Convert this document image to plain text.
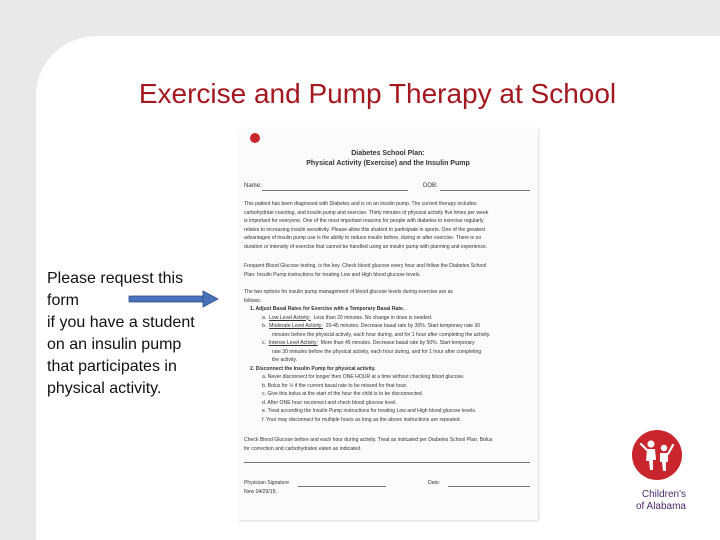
Exercise and Pump Therapy at School
Please request this
form
if you have a student
on an insulin pump
that participates in
physical activity.
Diabetes School Plan:
Physical Activity (Exercise) and the Insulin Pump
Name:	DOB:
This patient has been diagnosed with Diabetes and is on an insulin pump. The current therapy includes:
carbohydrate counting, and insulin pump and exercise. Thirty minutes of physical activity five times per week
is important for everyone. One of the most important reasons for people with diabetes to exercise regularly
relates to increasing insulin sensitivity. Please allow this student to participate in sports. One of the greatest
advantages of insulin pump use is the ability to reduce insulin before, during or after exercise. There is no
duration or intensity of exercise that cannot be handled using an insulin pump with planning and experience.
Frequent Blood Glucose testing, is the key. Check blood glucose every hour and follow the Diabetes School
Plan: Insulin Pump instructions for treating Low and High blood glucose levels.
The two options for insulin pump management of blood glucose levels during exercise are as
follows:
1. Adjust Basal Rates for Exercise with a Temporary Basal Rate.
a.  Low Level Activity: Less than 20 minutes. No change in dose is needed.
b.  Moderate Level Activity: 20-45 minutes. Decrease basal rate by 30%. Start temporary rate 30
minutes before the physical activity, each hour during, and for 1 hour after completing the activity.
c.  Intense Level Activity: More than 45 minutes. Decrease basal rate by 50%. Start temporary
rate 30 minutes before the physical activity, each hour during, and for 1 hour after completing
the activity.
2. Disconnect the Insulin Pump for physical activity.
a. Never disconnect for longer then ONE HOUR at a time without checking blood glucose.
b. Bolus for ½ if the current basal rate to be missed for that hour.
c. Give this bolus at the start of the hour the child is to be disconnected.
d. After ONE hour reconnect and check blood glucose level.
e. Treat according the Insulin Pump instructions for treating Low and High blood glucose levels.
f. Your may disconnect for multiple hours as long as the above instructions are repeated.
Check Blood Glucose before and each hour during activity. Treat as indicated per Diabetes School Plan. Bolus
for correction and carbohydrates eaten as indicated.
Physician Signature	Date:
New 04/29/15;	Children's
of Alabama
